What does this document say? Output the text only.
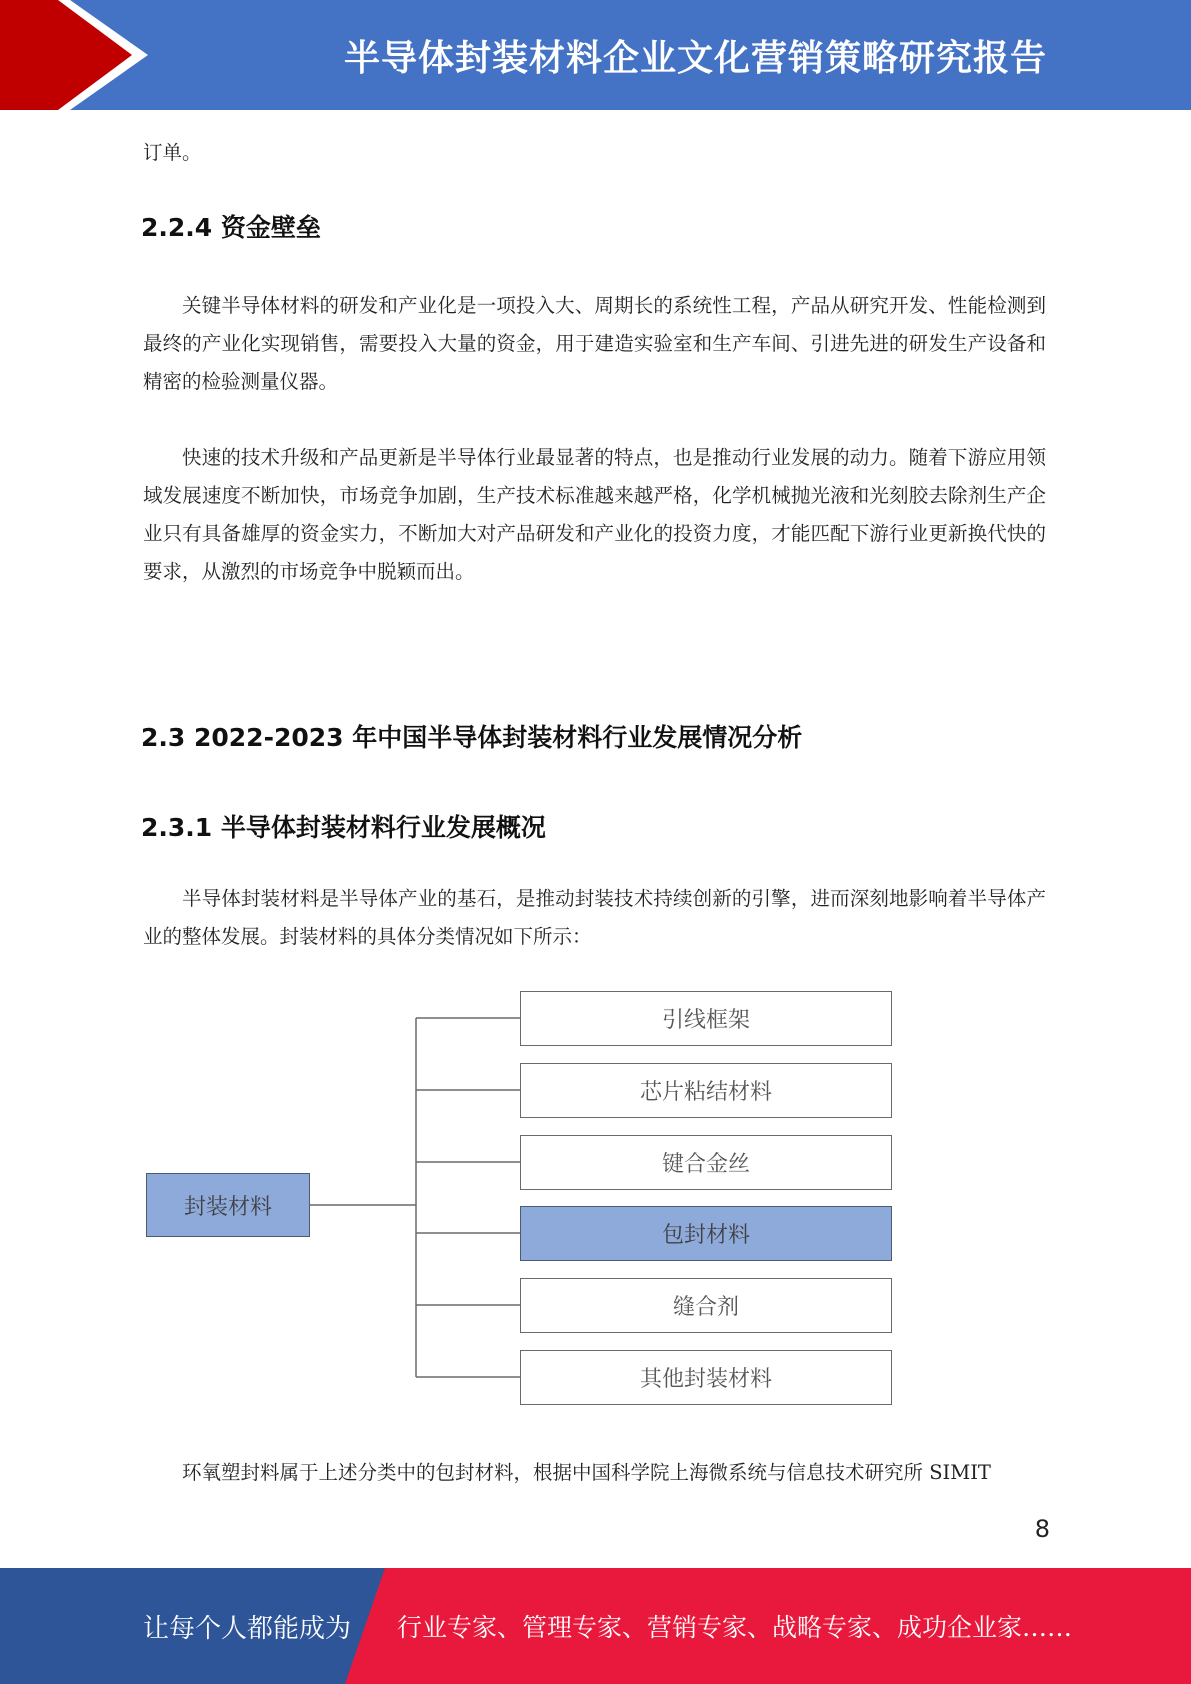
半导体封装材料企业文化营销策略研究报告

订单。

2.2.4 资金壁垒

关键半导体材料的研发和产业化是一项投入大、周期长的系统性工程，产品从研究开发、性能检测到最终的产业化实现销售，需要投入大量的资金，用于建造实验室和生产车间、引进先进的研发生产设备和精密的检验测量仪器。

快速的技术升级和产品更新是半导体行业最显著的特点，也是推动行业发展的动力。随着下游应用领域发展速度不断加快，市场竞争加剧，生产技术标准越来越严格，化学机械抛光液和光刻胶去除剂生产企业只有具备雄厚的资金实力，不断加大对产品研发和产业化的投资力度，才能匹配下游行业更新换代快的要求，从激烈的市场竞争中脱颖而出。

2.3 2022-2023 年中国半导体封装材料行业发展情况分析
2.3.1 半导体封装材料行业发展概况

半导体封装材料是半导体产业的基石，是推动封装技术持续创新的引擎，进而深刻地影响着半导体产业的整体发展。封装材料的具体分类情况如下所示：

封装材料
引线框架
芯片粘结材料
键合金丝
包封材料
缝合剂
其他封装材料

环氧塑封料属于上述分类中的包封材料，根据中国科学院上海微系统与信息技术研究所 SIMIT

8
让每个人都能成为 行业专家、管理专家、营销专家、战略专家、成功企业家……
